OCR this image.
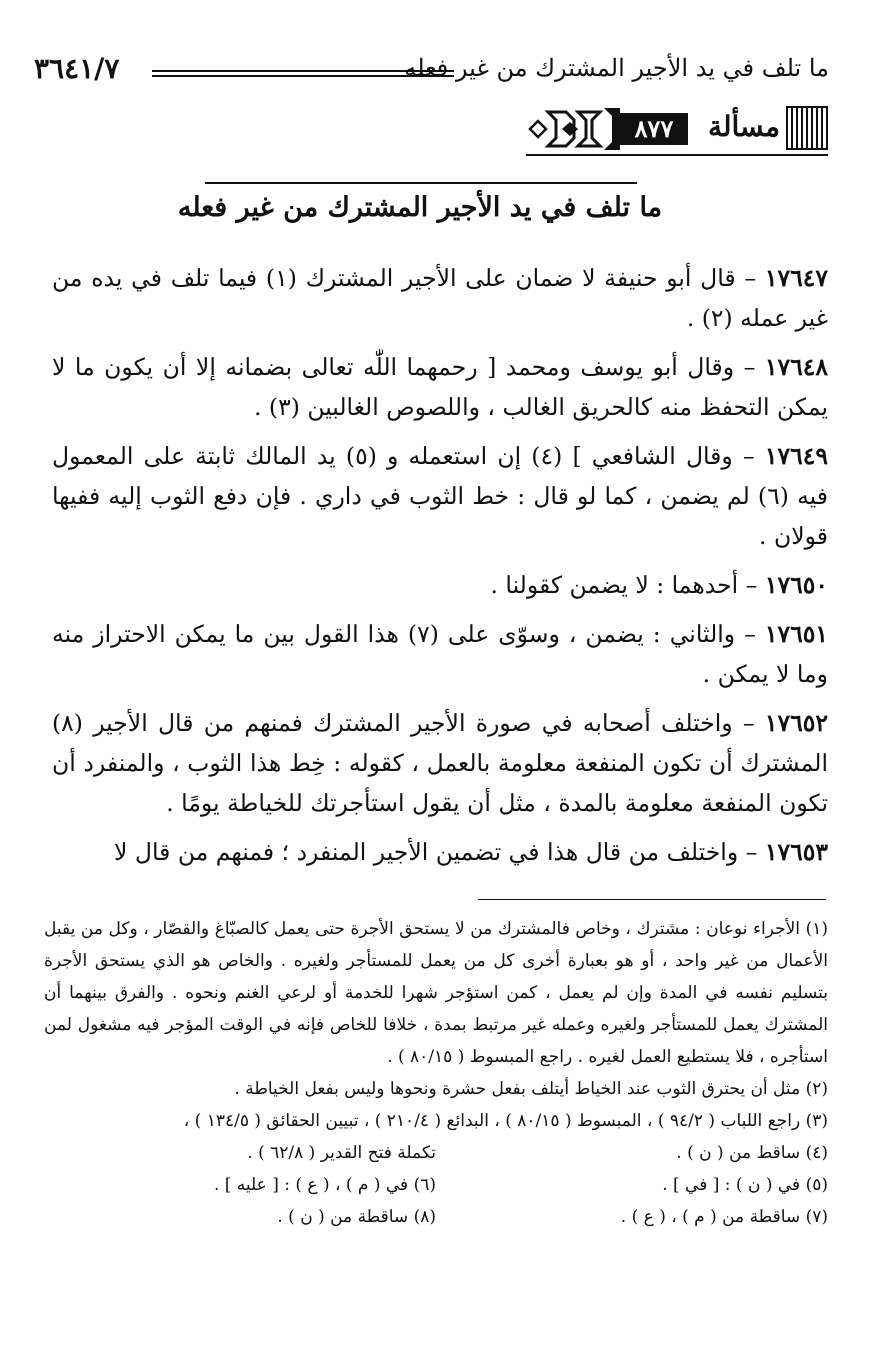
ما تلف في يد الأجير المشترك من غير فعله
٣٦٤١/٧
مسألة
٨٧٧
ما تلف في يد الأجير المشترك من غير فعله

١٧٦٤٧ – قال أبو حنيفة لا ضمان على الأجير المشترك (١) فيما تلف في يده من غير عمله (٢) .

١٧٦٤٨ – وقال أبو يوسف ومحمد [ رحمهما اللّٰه تعالى بضمانه إلا أن يكون ما لا يمكن التحفظ منه كالحريق الغالب ، واللصوص الغالبين (٣) .

١٧٦٤٩ – وقال الشافعي ] (٤) إن استعمله و (٥) يد المالك ثابتة على المعمول فيه (٦) لم يضمن ، كما لو قال : خط الثوب في داري . فإن دفع الثوب إليه ففيها قولان .

١٧٦٥٠ – أحدهما : لا يضمن كقولنا .

١٧٦٥١ – والثاني : يضمن ، وسوّى على (٧) هذا القول بين ما يمكن الاحتراز منه وما لا يمكن .

١٧٦٥٢ – واختلف أصحابه في صورة الأجير المشترك فمنهم من قال الأجير (٨) المشترك أن تكون المنفعة معلومة بالعمل ، كقوله : خِط هذا الثوب ، والمنفرد أن تكون المنفعة معلومة بالمدة ، مثل أن يقول استأجرتك للخياطة يومًا .

١٧٦٥٣ – واختلف من قال هذا في تضمين الأجير المنفرد ؛ فمنهم من قال لا

(١) الأجراء نوعان : مشترك ، وخاص فالمشترك من لا يستحق الأجرة حتى يعمل كالصبّاغ والقصّار ، وكل من يقبل الأعمال من غير واحد ، أو هو بعبارة أخرى كل من يعمل للمستأجر ولغيره . والخاص هو الذي يستحق الأجرة بتسليم نفسه في المدة وإن لم يعمل ، كمن استؤجر شهرا للخدمة أو لرعي الغنم ونحوه . والفرق بينهما أن المشترك يعمل للمستأجر ولغيره وعمله غير مرتبط بمدة ، خلافا للخاص فإنه في الوقت المؤجر فيه مشغول لمن استأجره ، فلا يستطيع العمل لغيره . راجع المبسوط ( ٨٠/١٥ ) .

(٢) مثل أن يحترق الثوب عند الخياط أيتلف بفعل حشرة ونحوها وليس بفعل الخياطة .

(٣) راجع اللباب ( ٩٤/٢ ) ، المبسوط ( ٨٠/١٥ ) ، البدائع ( ٢١٠/٤ ) ، تبيين الحقائق ( ١٣٤/٥ ) ،

(٤) ساقط من ( ن ) .
تكملة فتح القدير ( ٦٢/٨ ) .
(٥) في ( ن ) : [ في ] .
(٦) في ( م ) ، ( ع ) : [ عليه ] .
(٧) ساقطة من ( م ) ، ( ع ) .
(٨) ساقطة من ( ن ) .
